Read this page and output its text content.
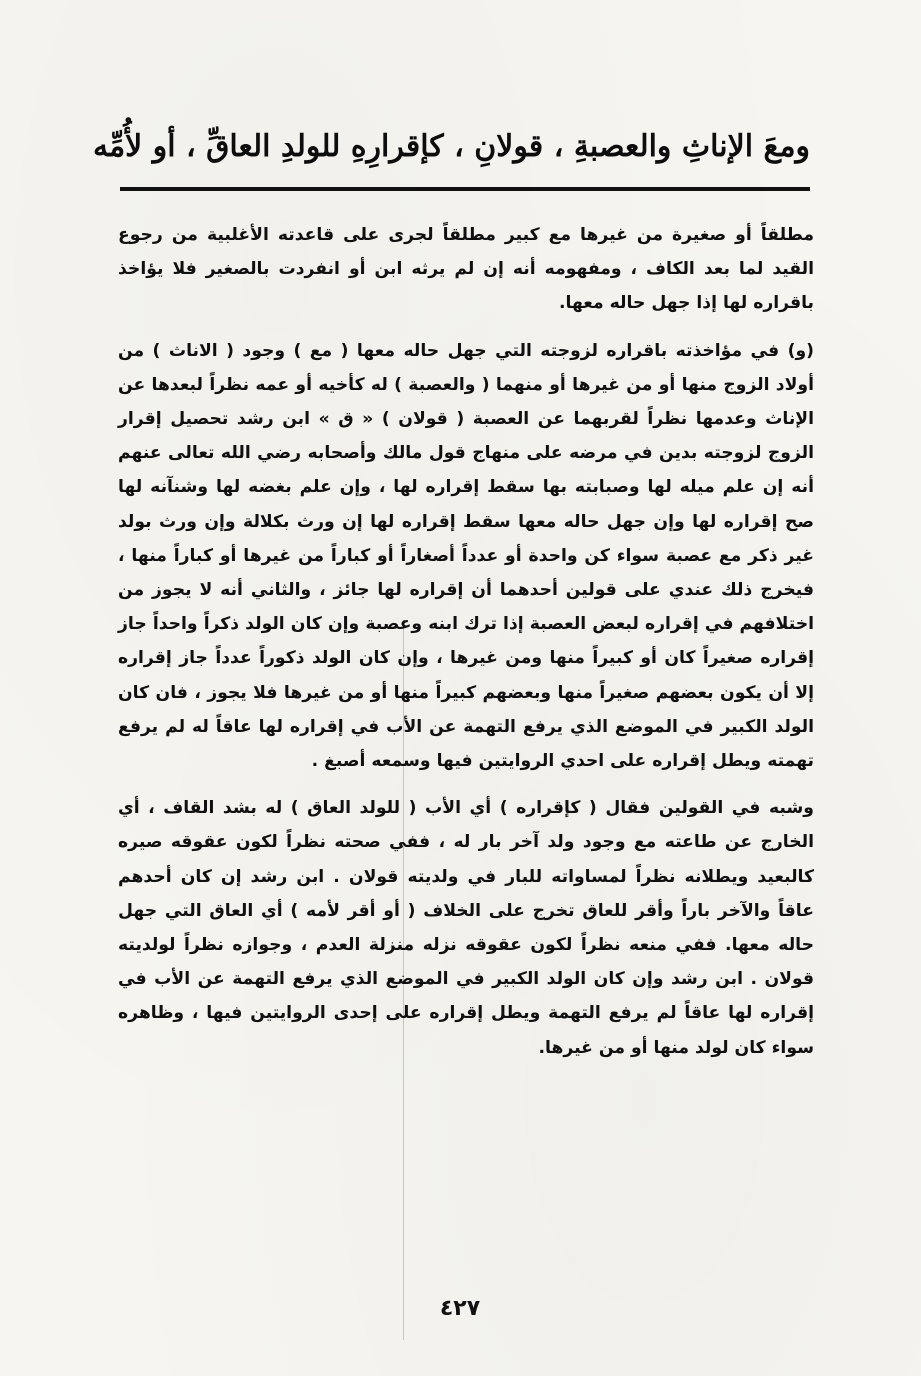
ومعَ الإناثِ والعصبةِ ، قولانِ ، كإقرارِهِ للولدِ العاقِّ ، أو لأُمِّه

مطلقاً أو صغيرة من غيرها مع كبير مطلقاً لجرى على قاعدته الأغلبية من رجوع القيد لما بعد الكاف ، ومفهومه أنه إن لم يرثه ابن أو انفردت بالصغير فلا يؤاخذ باقراره لها إذا جهل حاله معها.

(و) في مؤاخذته باقراره لزوجته التي جهل حاله معها ( مع ) وجود ( الاناث ) من أولاد الزوج منها أو من غيرها أو منهما ( والعصبة ) له كأخيه أو عمه نظراً لبعدها عن الإناث وعدمها نظراً لقربهما عن العصبة ( قولان ) « ق » ابن رشد تحصيل إقرار الزوج لزوجته بدين في مرضه على منهاج قول مالك وأصحابه رضي الله تعالى عنهم أنه إن علم ميله لها وصبابته بها سقط إقراره لها ، وإن علم بغضه لها وشنآنه لها صح إقراره لها وإن جهل حاله معها سقط إقراره لها إن ورث بكلالة وإن ورث بولد غير ذكر مع عصبة سواء كن واحدة أو عدداً أصغاراً أو كباراً من غيرها أو كباراً منها ، فيخرج ذلك عندي على قولين أحدهما أن إقراره لها جائز ، والثاني أنه لا يجوز من اختلافهم في إقراره لبعض العصبة إذا ترك ابنه وعصبة وإن كان الولد ذكراً واحداً جاز إقراره صغيراً كان أو كبيراً منها ومن غيرها ، وإن كان الولد ذكوراً عدداً جاز إقراره إلا أن يكون بعضهم صغيراً منها وبعضهم كبيراً منها أو من غيرها فلا يجوز ، فان كان الولد الكبير في الموضع الذي يرفع التهمة عن الأب في إقراره لها عاقاً له لم يرفع تهمته ويطل إقراره على احدي الروايتين فيها وسمعه أصبغ .

وشبه في القولين فقال ( كإقراره ) أي الأب ( للولد العاق ) له بشد القاف ، أي الخارج عن طاعته مع وجود ولد آخر بار له ، ففي صحته نظراً لكون عقوقه صيره كالبعيد ويطلانه نظراً لمساواته للبار في ولديته قولان . ابن رشد إن كان أحدهم عاقاً والآخر باراً وأقر للعاق تخرج على الخلاف ( أو أقر لأمه ) أي العاق التي جهل حاله معها. ففي منعه نظراً لكون عقوقه نزله منزلة العدم ، وجوازه نظراً لولديته قولان . ابن رشد وإن كان الولد الكبير في الموضع الذي يرفع التهمة عن الأب في إقراره لها عاقاً لم يرفع التهمة ويطل إقراره على إحدى الروايتين فيها ، وظاهره سواء كان لولد منها أو من غيرها.

٤٢٧
